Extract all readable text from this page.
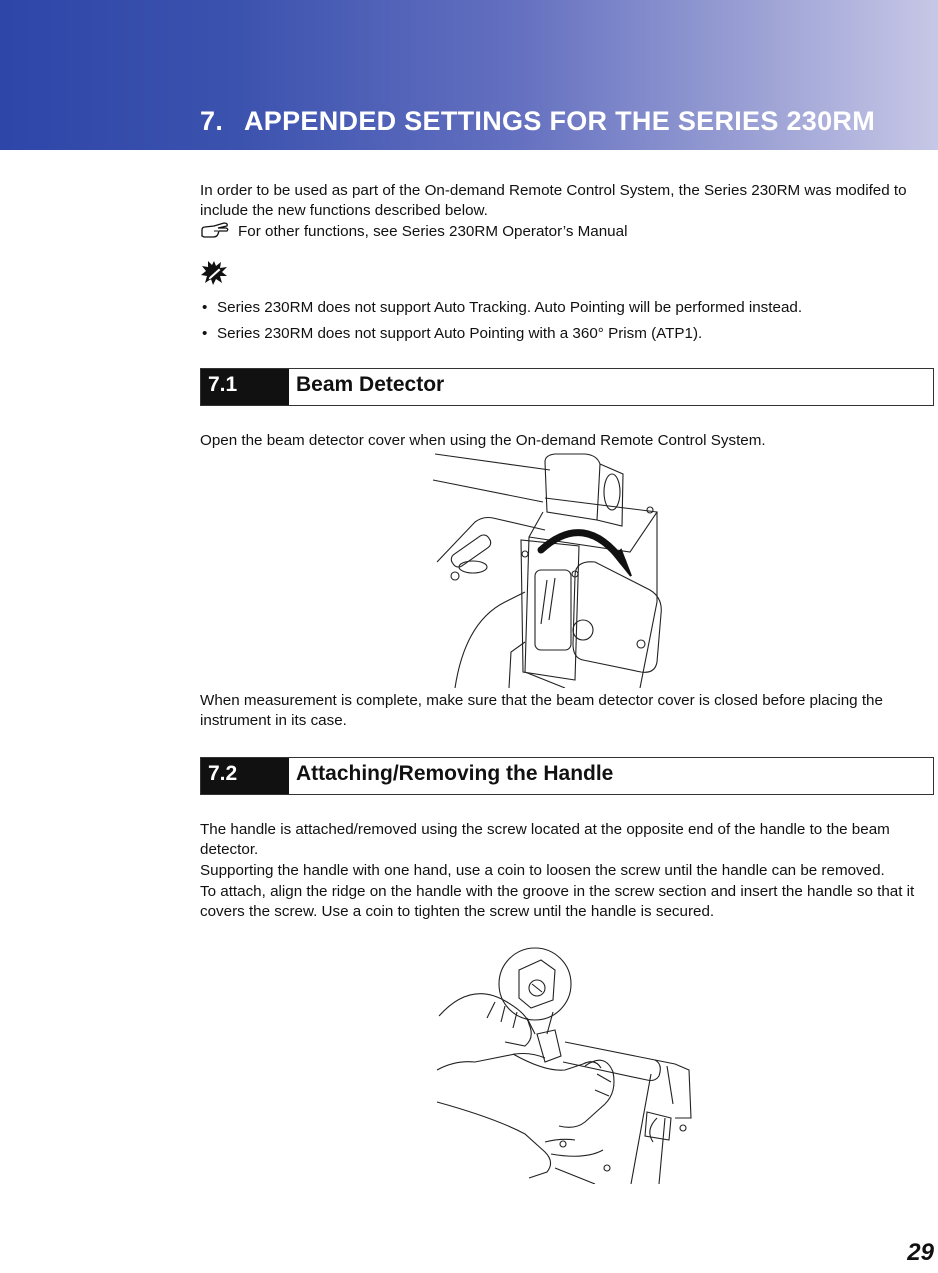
7. APPENDED SETTINGS FOR THE SERIES 230RM

In order to be used as part of the On-demand Remote Control System, the Series 230RM was modifed to include the new functions described below.

For other functions, see Series 230RM Operator’s Manual
• Series 230RM does not support Auto Tracking. Auto Pointing will be performed instead.
• Series 230RM does not support Auto Pointing with a 360° Prism (ATP1).
7.1	Beam Detector

Open the beam detector cover when using the On-demand Remote Control System.

When measurement is complete, make sure that the beam detector cover is closed before placing the instrument in its case.

7.2	Attaching/Removing the Handle

The handle is attached/removed using the screw located at the opposite end of the handle to the beam detector.

Supporting the handle with one hand, use a coin to loosen the screw until the handle can be removed.

To attach, align the ridge on the handle with the groove in the screw section and insert the handle so that it covers the screw. Use a coin to tighten the screw until the handle is secured.

29
